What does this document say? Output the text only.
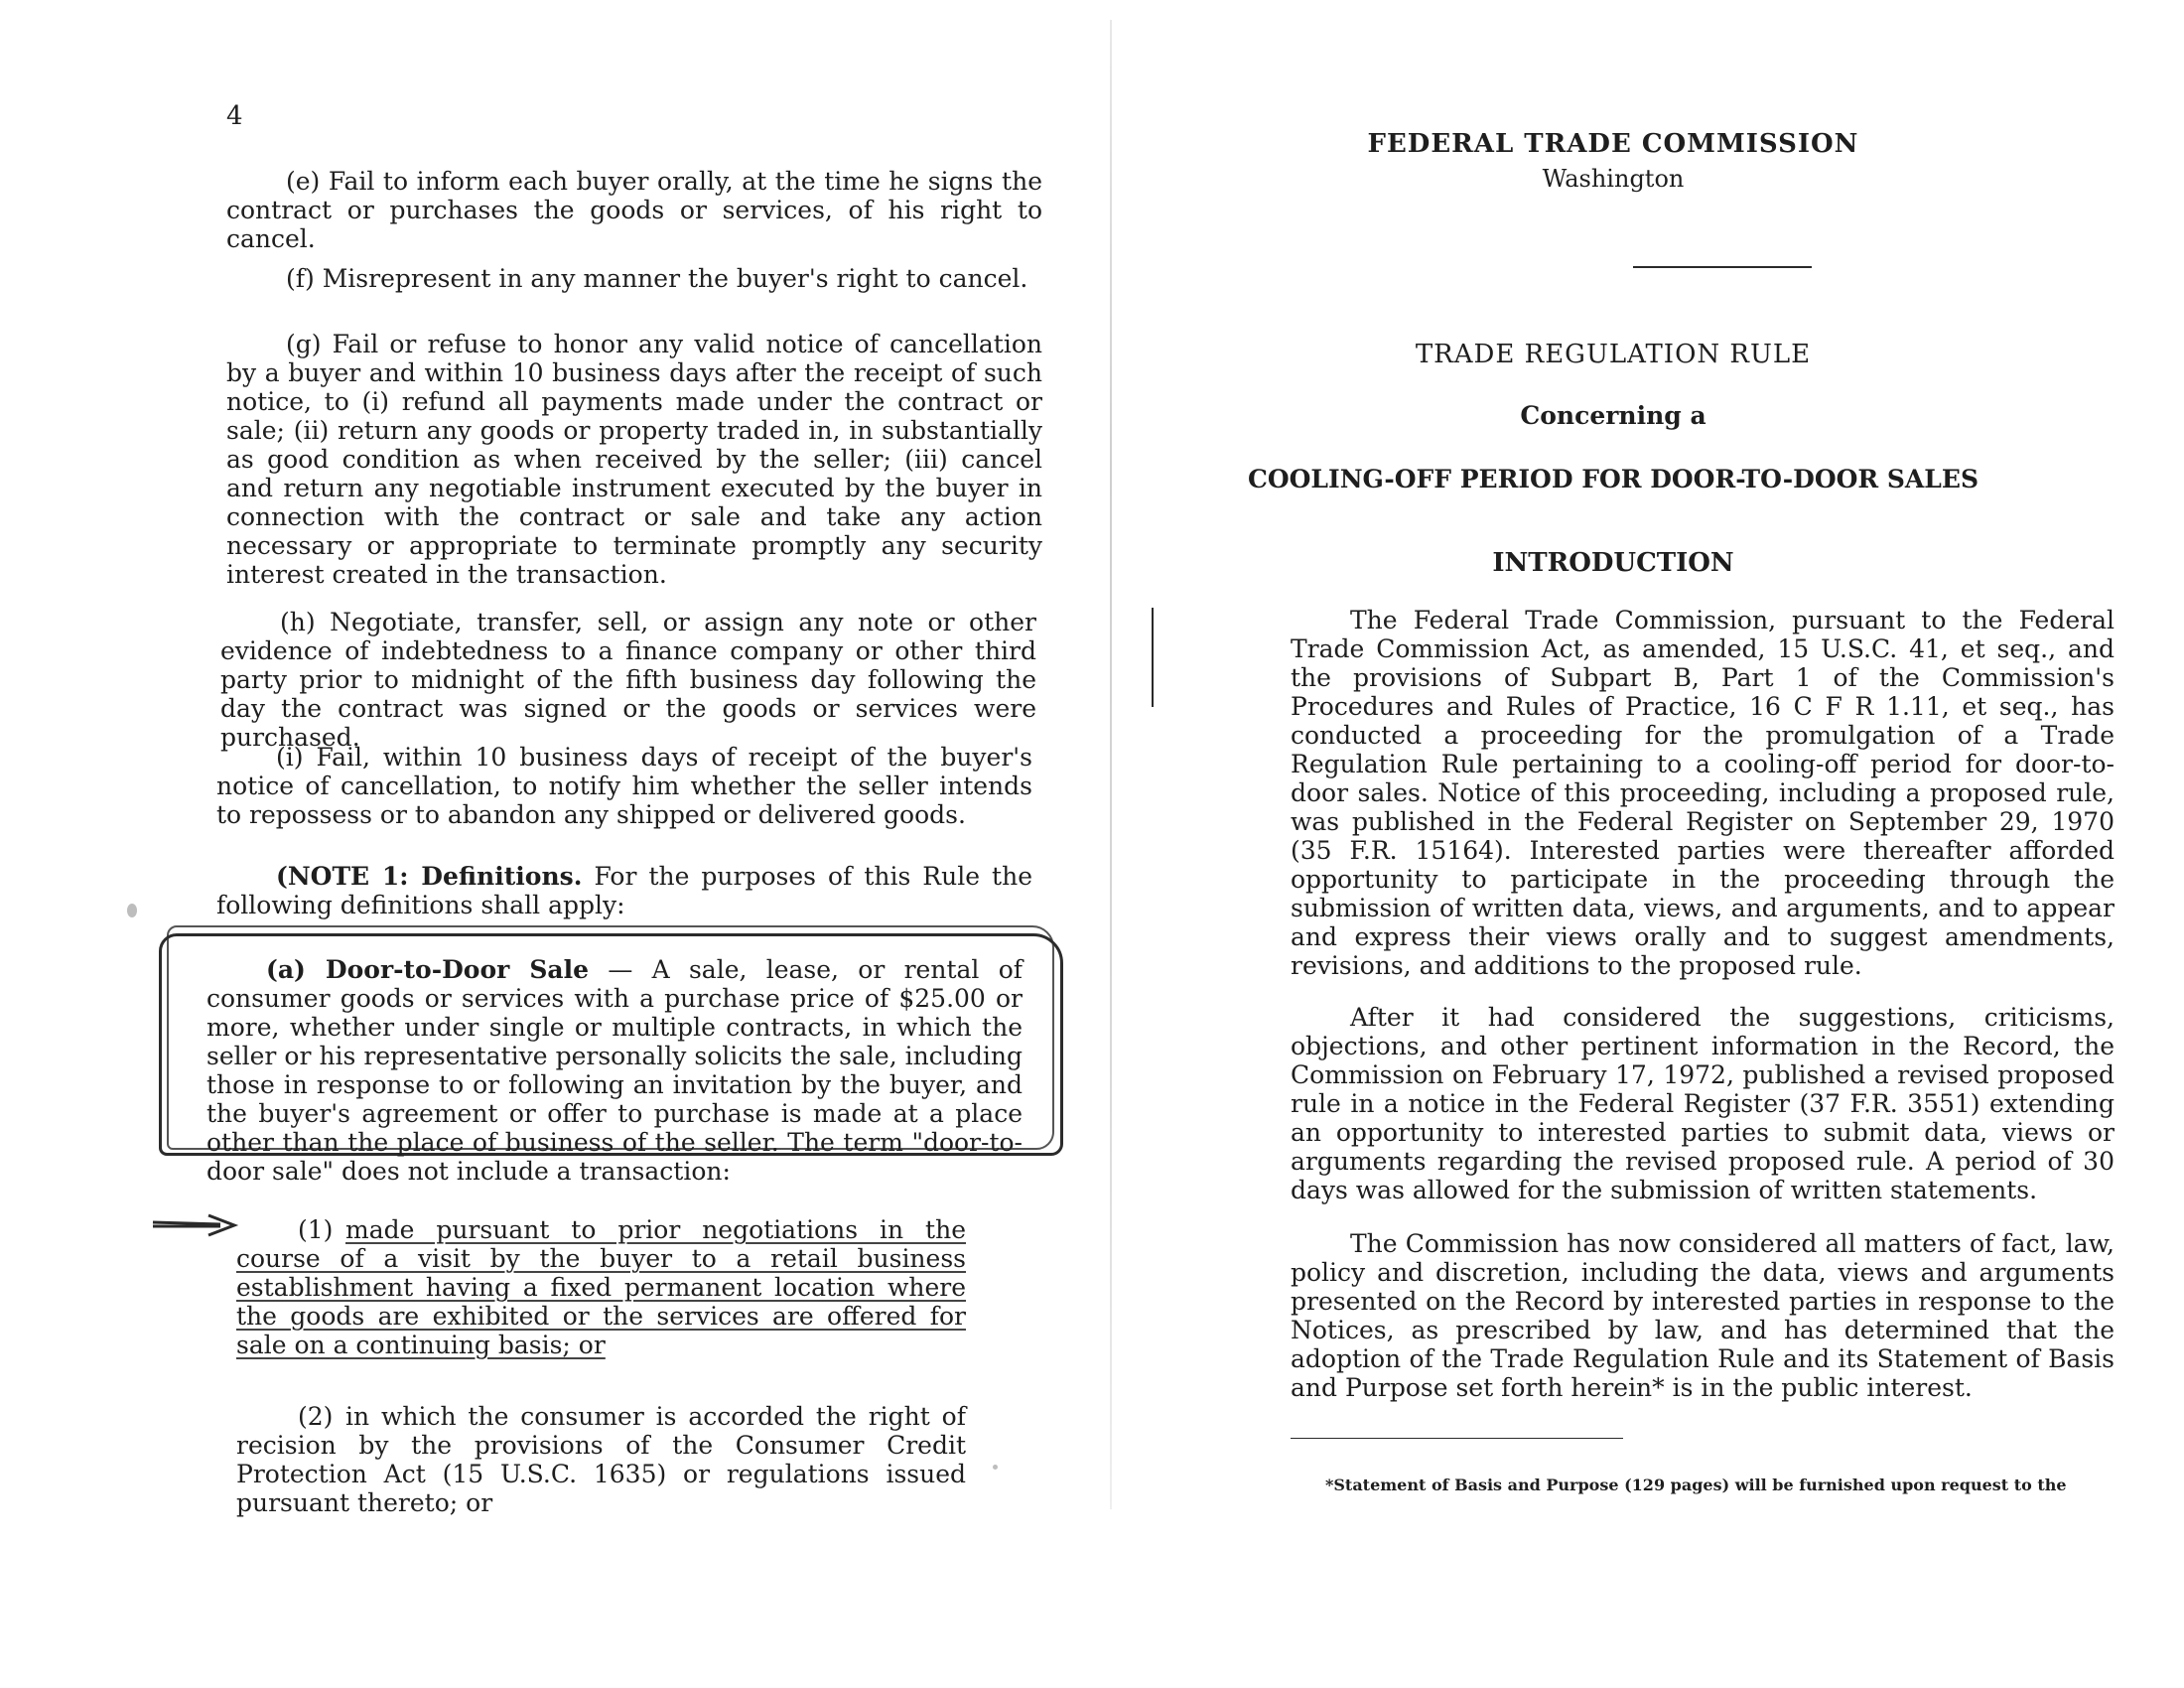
4

(e) Fail to inform each buyer orally, at the time he signs the contract or purchases the goods or services, of his right to cancel.

(f) Misrepresent in any manner the buyer's right to cancel.

(g) Fail or refuse to honor any valid notice of cancellation by a buyer and within 10 business days after the receipt of such notice, to (i) refund all payments made under the contract or sale; (ii) return any goods or property traded in, in substantially as good condition as when received by the seller; (iii) cancel and return any negotiable instrument executed by the buyer in connection with the contract or sale and take any action necessary or appropriate to terminate promptly any security interest created in the transaction.

(h) Negotiate, transfer, sell, or assign any note or other evidence of indebtedness to a finance company or other third party prior to midnight of the fifth business day following the day the contract was signed or the goods or services were purchased.

(i) Fail, within 10 business days of receipt of the buyer's notice of cancellation, to notify him whether the seller intends to repossess or to abandon any shipped or delivered goods.

(NOTE 1: Definitions. For the purposes of this Rule the following definitions shall apply:

(a) Door-to-Door Sale — A sale, lease, or rental of consumer goods or services with a purchase price of $25.00 or more, whether under single or multiple contracts, in which the seller or his representative personally solicits the sale, including those in response to or following an invitation by the buyer, and the buyer's agreement or offer to purchase is made at a place other than the place of business of the seller. The term "door-to-door sale" does not include a transaction:

(1) made pursuant to prior negotiations in the course of a visit by the buyer to a retail business establishment having a fixed permanent location where the goods are exhibited or the services are offered for sale on a continuing basis; or

(2) in which the consumer is accorded the right of recision by the provisions of the Consumer Credit Protection Act (15 U.S.C. 1635) or regulations issued pursuant thereto; or

FEDERAL TRADE COMMISSION

Washington

TRADE REGULATION RULE

Concerning a

COOLING-OFF PERIOD FOR DOOR-TO-DOOR SALES

INTRODUCTION

The Federal Trade Commission, pursuant to the Federal Trade Commission Act, as amended, 15 U.S.C. 41, et seq., and the provisions of Subpart B, Part 1 of the Commission's Procedures and Rules of Practice, 16 C F R 1.11, et seq., has conducted a proceeding for the promulgation of a Trade Regulation Rule pertaining to a cooling-off period for door-to-door sales. Notice of this proceeding, including a proposed rule, was published in the Federal Register on September 29, 1970 (35 F.R. 15164). Interested parties were thereafter afforded opportunity to participate in the proceeding through the submission of written data, views, and arguments, and to appear and express their views orally and to suggest amendments, revisions, and additions to the proposed rule.

After it had considered the suggestions, criticisms, objections, and other pertinent information in the Record, the Commission on February 17, 1972, published a revised proposed rule in a notice in the Federal Register (37 F.R. 3551) extending an opportunity to interested parties to submit data, views or arguments regarding the revised proposed rule. A period of 30 days was allowed for the submission of written statements.

The Commission has now considered all matters of fact, law, policy and discretion, including the data, views and arguments presented on the Record by interested parties in response to the Notices, as prescribed by law, and has determined that the adoption of the Trade Regulation Rule and its Statement of Basis and Purpose set forth herein* is in the public interest.

*Statement of Basis and Purpose (129 pages) will be furnished upon request to the
